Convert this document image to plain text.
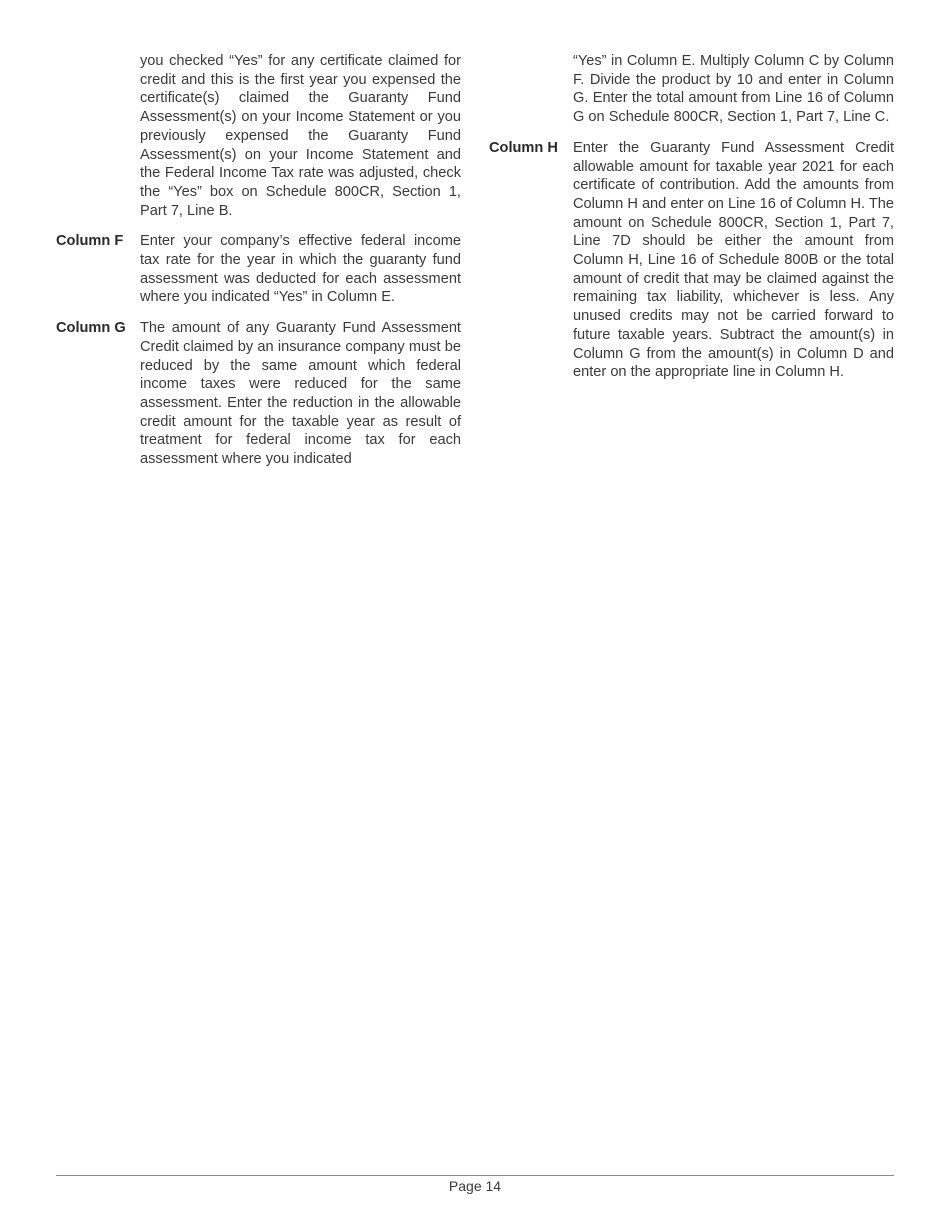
you checked “Yes” for any certificate claimed for credit and this is the first year you expensed the certificate(s) claimed the Guaranty Fund Assessment(s) on your Income Statement or you previously expensed the Guaranty Fund Assessment(s) on your Income Statement and the Federal Income Tax rate was adjusted, check the “Yes” box on Schedule 800CR, Section 1, Part 7, Line B.
Column F	Enter your company’s effective federal income tax rate for the year in which the guaranty fund assessment was deducted for each assessment where you indicated “Yes” in Column E.
Column G The amount of any Guaranty Fund Assessment Credit claimed by an insurance company must be reduced by the same amount which federal income taxes were reduced for the same assessment. Enter the reduction in the allowable credit amount for the taxable year as result of treatment for federal income tax for each assessment where you indicated
“Yes” in Column E. Multiply Column C by Column F. Divide the product by 10 and enter in Column G. Enter the total amount from Line 16 of Column G on Schedule 800CR, Section 1, Part 7, Line C.
Column H	Enter the Guaranty Fund Assessment Credit allowable amount for taxable year 2021 for each certificate of contribution. Add the amounts from Column H and enter on Line 16 of Column H. The amount on Schedule 800CR, Section 1, Part 7, Line 7D should be either the amount from Column H, Line 16 of Schedule 800B or the total amount of credit that may be claimed against the remaining tax liability, whichever is less. Any unused credits may not be carried forward to future taxable years. Subtract the amount(s) in Column G from the amount(s) in Column D and enter on the appropriate line in Column H.
Page 14
